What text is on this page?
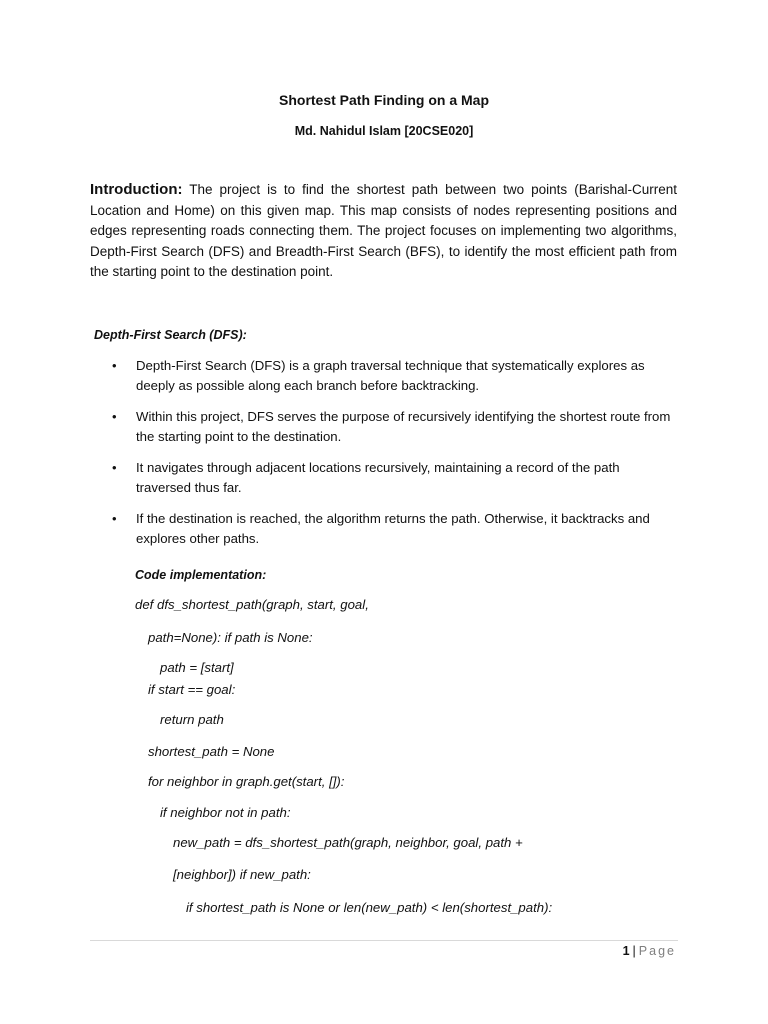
Shortest Path Finding on a Map
Md. Nahidul Islam [20CSE020]

Introduction: The project is to find the shortest path between two points (Barishal-Current Location and Home) on this given map. This map consists of nodes representing positions and edges representing roads connecting them. The project focuses on implementing two algorithms, Depth-First Search (DFS) and Breadth-First Search (BFS), to identify the most efficient path from the starting point to the destination point.

Depth-First Search (DFS):
• Depth-First Search (DFS) is a graph traversal technique that systematically explores as deeply as possible along each branch before backtracking.
• Within this project, DFS serves the purpose of recursively identifying the shortest route from the starting point to the destination.
• It navigates through adjacent locations recursively, maintaining a record of the path traversed thus far.
• If the destination is reached, the algorithm returns the path. Otherwise, it backtracks and explores other paths.
Code implementation:
def dfs_shortest_path(graph, start, goal,
path=None): if path is None:
path = [start]
if start == goal:
return path
shortest_path = None
for neighbor in graph.get(start, []):
if neighbor not in path:
new_path = dfs_shortest_path(graph, neighbor, goal, path +
[neighbor]) if new_path:
if shortest_path is None or len(new_path) < len(shortest_path):
1 | Page
